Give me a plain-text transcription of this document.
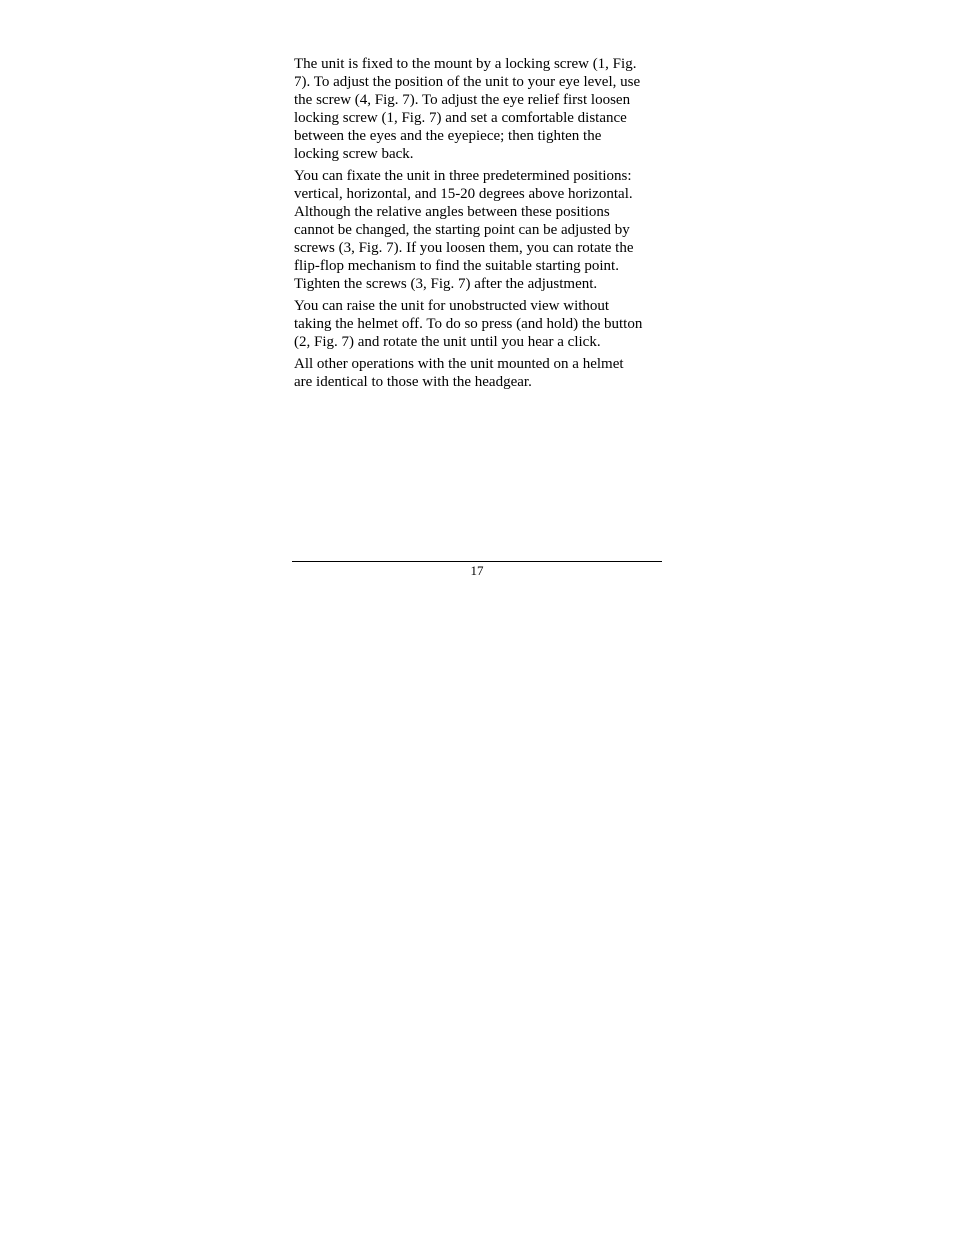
The unit is fixed to the mount by a locking screw (1, Fig.
7). To adjust the position of the unit to your eye level, use
the screw (4, Fig. 7). To adjust the eye relief first loosen
locking screw (1, Fig. 7) and set a comfortable distance
between the eyes and the eyepiece; then tighten the
locking screw back.

You can fixate the unit in three predetermined positions:
vertical, horizontal, and 15-20 degrees above horizontal.
Although the relative angles between these positions
cannot be changed, the starting point can be adjusted by
screws (3, Fig. 7). If you loosen them, you can rotate the
flip-flop mechanism to find the suitable starting point.
Tighten the screws (3, Fig. 7) after the adjustment.

You can raise the unit for unobstructed view without
taking the helmet off. To do so press (and hold) the button
(2, Fig. 7) and rotate the unit until you hear a click.

All other operations with the unit mounted on a helmet
are identical to those with the headgear.

17
